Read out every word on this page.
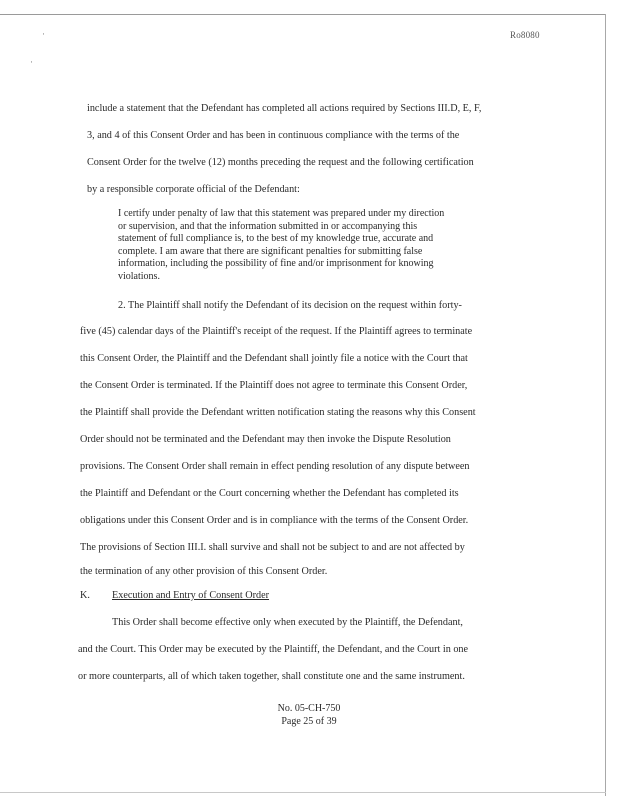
·
·
Ro8080
include a statement that the Defendant has completed all actions required by Sections III.D, E, F,
3, and 4 of this Consent Order and has been in continuous compliance with the terms of the
Consent Order for the twelve (12) months preceding the request and the following certification
by a responsible corporate official of the Defendant:
I certify under penalty of law that this statement was prepared under my direction
or supervision, and that the information submitted in or accompanying this
statement of full compliance is, to the best of my knowledge true, accurate and
complete. I am aware that there are significant penalties for submitting false
information, including the possibility of fine and/or imprisonment for knowing
violations.
2. The Plaintiff shall notify the Defendant of its decision on the request within forty-
five (45) calendar days of the Plaintiff's receipt of the request. If the Plaintiff agrees to terminate
this Consent Order, the Plaintiff and the Defendant shall jointly file a notice with the Court that
the Consent Order is terminated. If the Plaintiff does not agree to terminate this Consent Order,
the Plaintiff shall provide the Defendant written notification stating the reasons why this Consent
Order should not be terminated and the Defendant may then invoke the Dispute Resolution
provisions. The Consent Order shall remain in effect pending resolution of any dispute between
the Plaintiff and Defendant or the Court concerning whether the Defendant has completed its
obligations under this Consent Order and is in compliance with the terms of the Consent Order.
The provisions of Section III.I. shall survive and shall not be subject to and are not affected by
the termination of any other provision of this Consent Order.
K. Execution and Entry of Consent Order
This Order shall become effective only when executed by the Plaintiff, the Defendant,
and the Court. This Order may be executed by the Plaintiff, the Defendant, and the Court in one
or more counterparts, all of which taken together, shall constitute one and the same instrument.
No. 05-CH-750
Page 25 of 39
